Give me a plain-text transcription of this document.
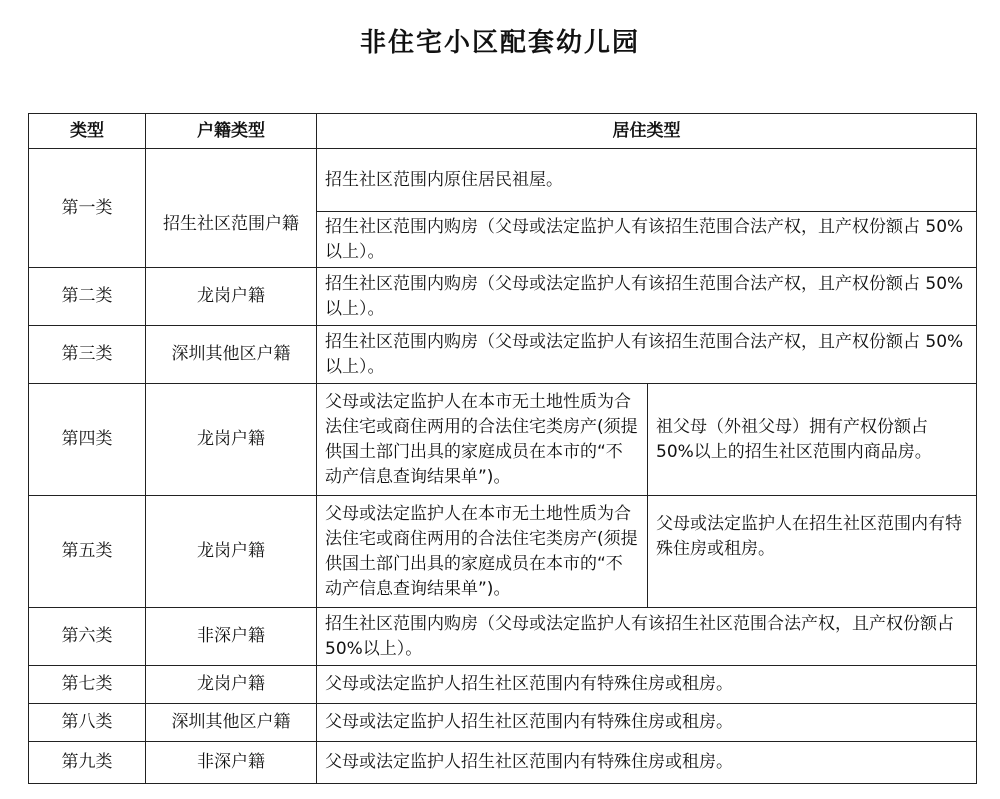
非住宅小区配套幼儿园
类型	户籍类型	居住类型	
第一类	招生社区范围户籍	招生社区范围内原住居民祖屋。	
		招生社区范围内购房（父母或法定监护人有该招生范围合法产权，且产权份额占 50%以上）。	
第二类	龙岗户籍	招生社区范围内购房（父母或法定监护人有该招生范围合法产权，且产权份额占 50%以上）。	
第三类	深圳其他区户籍	招生社区范围内购房（父母或法定监护人有该招生范围合法产权，且产权份额占 50%以上）。	
第四类	龙岗户籍	父母或法定监护人在本市无土地性质为合法住宅或商住两用的合法住宅类房产(须提供国土部门出具的家庭成员在本市的“不动产信息查询结果单”)。	祖父母（外祖父母）拥有产权份额占 50%以上的招生社区范围内商品房。
第五类	龙岗户籍	父母或法定监护人在本市无土地性质为合法住宅或商住两用的合法住宅类房产(须提供国土部门出具的家庭成员在本市的“不动产信息查询结果单”)。	父母或法定监护人在招生社区范围内有特殊住房或租房。
第六类	非深户籍	招生社区范围内购房（父母或法定监护人有该招生社区范围合法产权，且产权份额占 50%以上）。	
第七类	龙岗户籍	父母或法定监护人招生社区范围内有特殊住房或租房。	
第八类	深圳其他区户籍	父母或法定监护人招生社区范围内有特殊住房或租房。	
第九类	非深户籍	父母或法定监护人招生社区范围内有特殊住房或租房。	
